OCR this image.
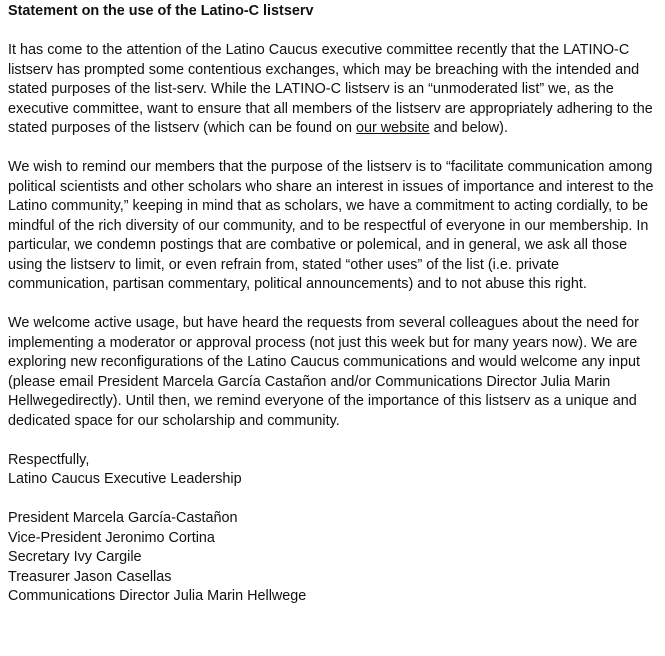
Statement on the use of the Latino-C listserv

It has come to the attention of the Latino Caucus executive committee recently that the LATINO-C listserv has prompted some contentious exchanges, which may be breaching with the intended and stated purposes of the list-serv. While the LATINO-C listserv is an “unmoderated list” we, as the executive committee, want to ensure that all members of the listserv are appropriately adhering to the stated purposes of the listserv (which can be found on our website and below).

We wish to remind our members that the purpose of the listserv is to “facilitate communication among political scientists and other scholars who share an interest in issues of importance and interest to the Latino community,” keeping in mind that as scholars, we have a commitment to acting cordially, to be mindful of the rich diversity of our community, and to be respectful of everyone in our membership. In particular, we condemn postings that are combative or polemical, and in general, we ask all those using the listserv to limit, or even refrain from, stated “other uses” of the list (i.e. private communication, partisan commentary, political announcements) and to not abuse this right.

We welcome active usage, but have heard the requests from several colleagues about the need for implementing a moderator or approval process (not just this week but for many years now). We are exploring new reconfigurations of the Latino Caucus communications and would welcome any input (please email President Marcela García Castañon and/or Communications Director Julia Marin Hellwegedirectly). Until then, we remind everyone of the importance of this listserv as a unique and dedicated space for our scholarship and community.

Respectfully,
Latino Caucus Executive Leadership
President Marcela García-Castañon
Vice-President Jeronimo Cortina
Secretary Ivy Cargile
Treasurer Jason Casellas
Communications Director Julia Marin Hellwege
